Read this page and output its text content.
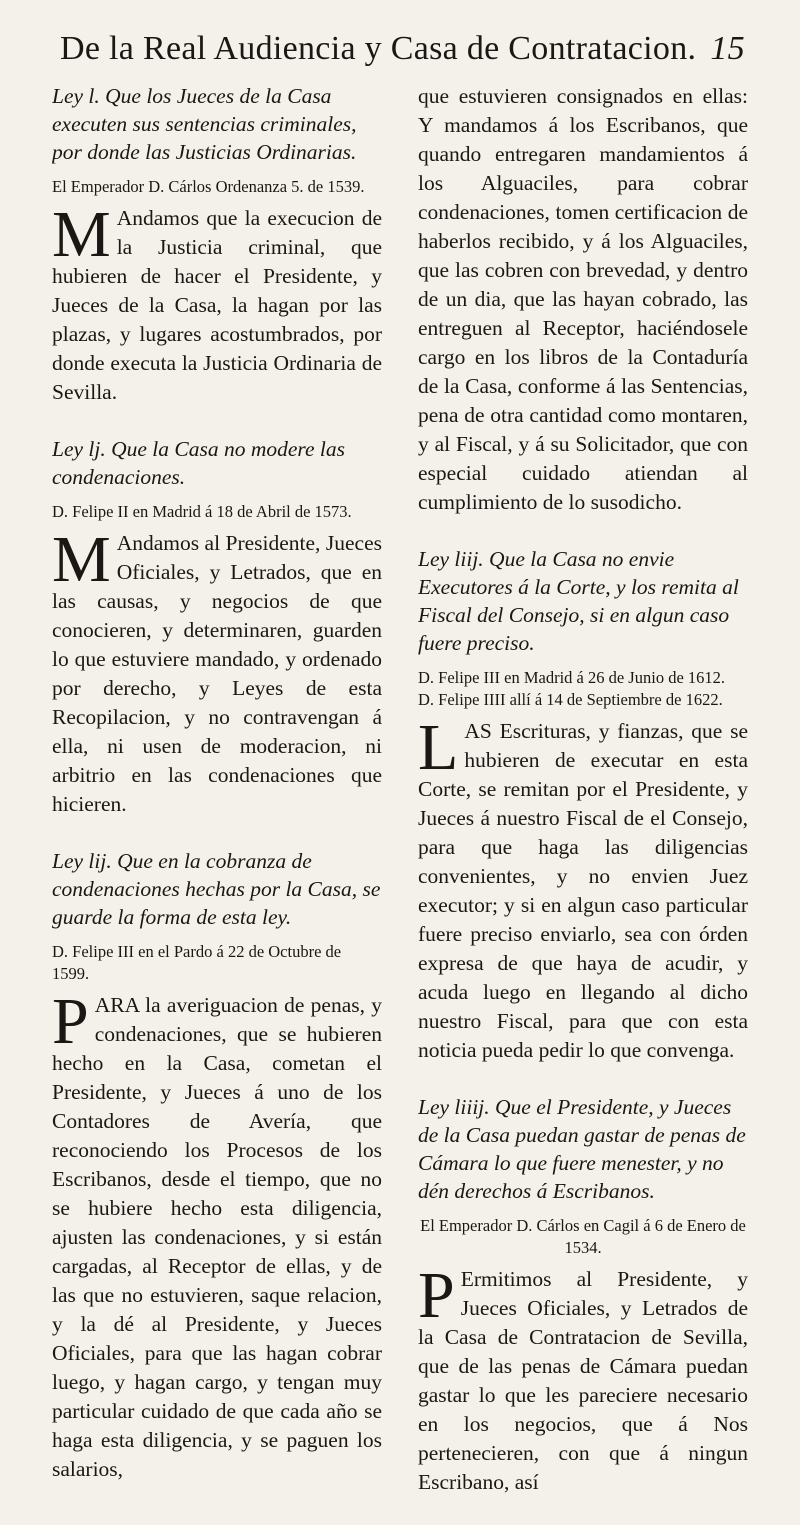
De la Real Audiencia y Casa de Contratacion. 15

Ley l. Que los Jueces de la Casa executen sus sentencias criminales, por donde las Justicias Ordinarias.

El Emperador D. Cárlos Ordenanza 5. de 1539.

M Andamos que la execucion de la Justicia criminal, que hubieren de hacer el Presidente, y Jueces de la Casa, la hagan por las plazas, y lugares acostumbrados, por donde executa la Justicia Ordinaria de Sevilla.

Ley lj. Que la Casa no modere las condenaciones.

D. Felipe II en Madrid á 18 de Abril de 1573.

M Andamos al Presidente, Jueces Oficiales, y Letrados, que en las causas, y negocios de que conocieren, y determinaren, guarden lo que estuviere mandado, y ordenado por derecho, y Leyes de esta Recopilacion, y no contravengan á ella, ni usen de moderacion, ni arbitrio en las condenaciones que hicieren.

Ley lij. Que en la cobranza de condenaciones hechas por la Casa, se guarde la forma de esta ley.

D. Felipe III en el Pardo á 22 de Octubre de 1599.

PARA la averiguacion de penas, y condenaciones, que se hubieren hecho en la Casa, cometan el Presidente, y Jueces á uno de los Contadores de Avería, que reconociendo los Procesos de los Escribanos, desde el tiempo, que no se hubiere hecho esta diligencia, ajusten las condenaciones, y si están cargadas, al Receptor de ellas, y de las que no estuvieren, saque relacion, y la dé al Presidente, y Jueces Oficiales, para que las hagan cobrar luego, y hagan cargo, y tengan muy particular cuidado de que cada año se haga esta diligencia, y se paguen los salarios,

que estuvieren consignados en ellas: Y mandamos á los Escribanos, que quando entregaren mandamientos á los Alguaciles, para cobrar condenaciones, tomen certificacion de haberlos recibido, y á los Alguaciles, que las cobren con brevedad, y dentro de un dia, que las hayan cobrado, las entreguen al Receptor, haciéndosele cargo en los libros de la Contaduría de la Casa, conforme á las Sentencias, pena de otra cantidad como montaren, y al Fiscal, y á su Solicitador, que con especial cuidado atiendan al cumplimiento de lo susodicho.

Ley liij. Que la Casa no envie Executores á la Corte, y los remita al Fiscal del Consejo, si en algun caso fuere preciso.

D. Felipe III en Madrid á 26 de Junio de 1612.

D. Felipe IIII allí á 14 de Septiembre de 1622.

LAS Escrituras, y fianzas, que se hubieren de executar en esta Corte, se remitan por el Presidente, y Jueces á nuestro Fiscal de el Consejo, para que haga las diligencias convenientes, y no envien Juez executor; y si en algun caso particular fuere preciso enviarlo, sea con órden expresa de que haya de acudir, y acuda luego en llegando al dicho nuestro Fiscal, para que con esta noticia pueda pedir lo que convenga.

Ley liiij. Que el Presidente, y Jueces de la Casa puedan gastar de penas de Cámara lo que fuere menester, y no dén derechos á Escribanos.

El Emperador D. Cárlos en Cagil á 6 de Enero de 1534.

P Ermitimos al Presidente, y Jueces Oficiales, y Letrados de la Casa de Contratacion de Sevilla, que de las penas de Cámara puedan gastar lo que les pareciere necesario en los negocios, que á Nos pertenecieren, con que á ningun Escribano, así
